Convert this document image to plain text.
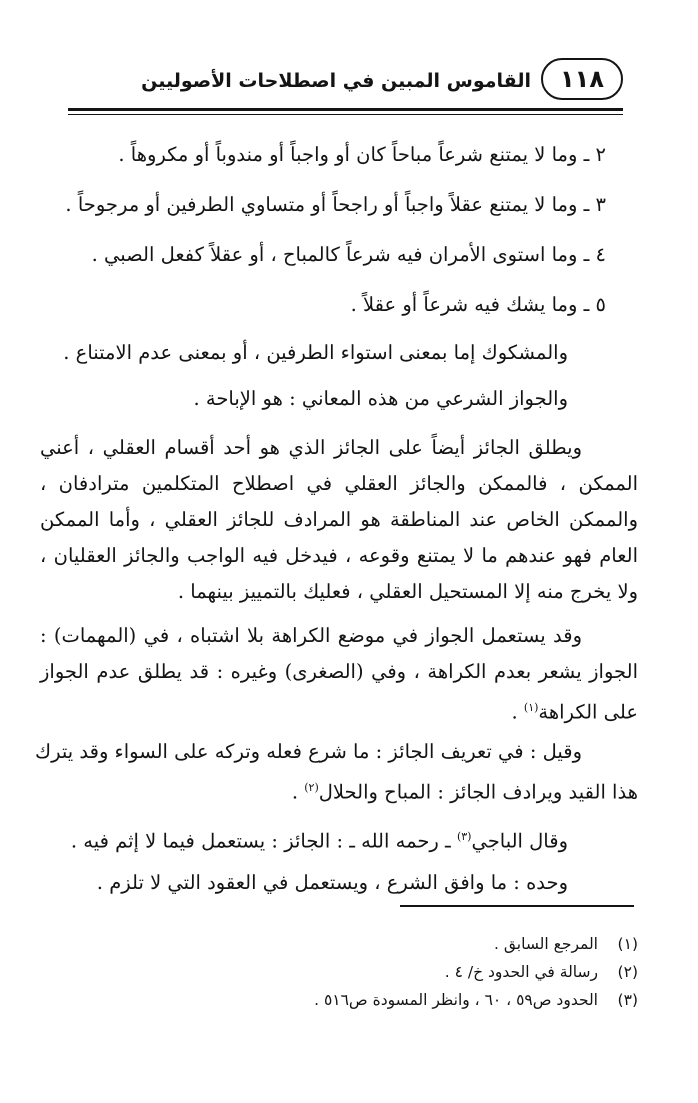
القاموس المبين في اصطلاحات الأصوليين	١١٨
٢ ـ وما لا يمتنع شرعاً مباحاً كان أو واجباً أو مندوباً أو مكروهاً .
٣ ـ وما لا يمتنع عقلاً واجباً أو راجحاً أو متساوي الطرفين أو مرجوحاً .
٤ ـ وما استوى الأمران فيه شرعاً كالمباح ، أو عقلاً كفعل الصبي .
٥ ـ وما يشك فيه شرعاً أو عقلاً .
والمشكوك إما بمعنى استواء الطرفين ، أو بمعنى عدم الامتناع .
والجواز الشرعي من هذه المعاني : هو الإباحة .
ويطلق الجائز أيضاً على الجائز الذي هو أحد أقسام العقلي ، أعني
الممكن ، فالممكن والجائز العقلي في اصطلاح المتكلمين مترادفان ،
والممكن الخاص عند المناطقة هو المرادف للجائز العقلي ، وأما الممكن
العام فهو عندهم ما لا يمتنع وقوعه ، فيدخل فيه الواجب والجائز العقليان ،
ولا يخرج منه إلا المستحيل العقلي ، فعليك بالتمييز بينهما .
وقد يستعمل الجواز في موضع الكراهة بلا اشتباه ، في (المهمات) :
الجواز يشعر بعدم الكراهة ، وفي (الصغرى) وغيره : قد يطلق عدم الجواز
على الكراهة$^{(١)}$ .
وقيل : في تعريف الجائز : ما شرع فعله وتركه على السواء وقد يترك
هذا القيد ويرادف الجائز : المباح والحلال$^{(٢)}$ .
وقال الباجي$^{(٣)}$ ـ رحمه الله ـ : الجائز : يستعمل فيما لا إثم فيه .
وحده : ما وافق الشرع ، ويستعمل في العقود التي لا تلزم .
(١)المرجع السابق .
(٢)رسالة في الحدود خ/ ٤ .
(٣)الحدود ص٥٩ ، ٦٠ ، وانظر المسودة ص٥١٦ .
